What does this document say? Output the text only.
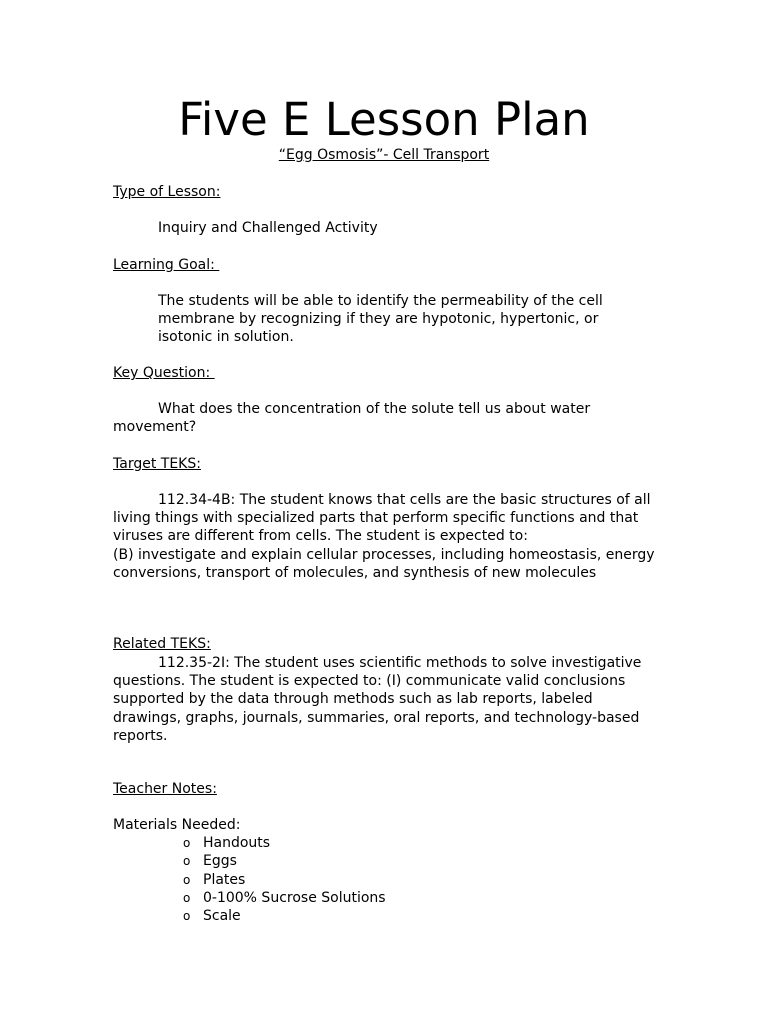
Five E Lesson Plan
“Egg Osmosis”- Cell Transport
Type of Lesson:
Inquiry and Challenged Activity
Learning Goal:
The students will be able to identify the permeability of the cell membrane by recognizing if they are hypotonic, hypertonic, or isotonic in solution.
Key Question:
What does the concentration of the solute tell us about water movement?
Target TEKS:
112.34-4B: The student knows that cells are the basic structures of all living things with specialized parts that perform specific functions and that viruses are different from cells. The student is expected to:
(B) investigate and explain cellular processes, including homeostasis, energy conversions, transport of molecules, and synthesis of new molecules
Related TEKS:
112.35-2I: The student uses scientific methods to solve investigative questions. The student is expected to: (I) communicate valid conclusions supported by the data through methods such as lab reports, labeled drawings, graphs, journals, summaries, oral reports, and technology-based reports.
Teacher Notes:
Materials Needed:
o Handouts
o Eggs
o Plates
o 0-100% Sucrose Solutions
o Scale
